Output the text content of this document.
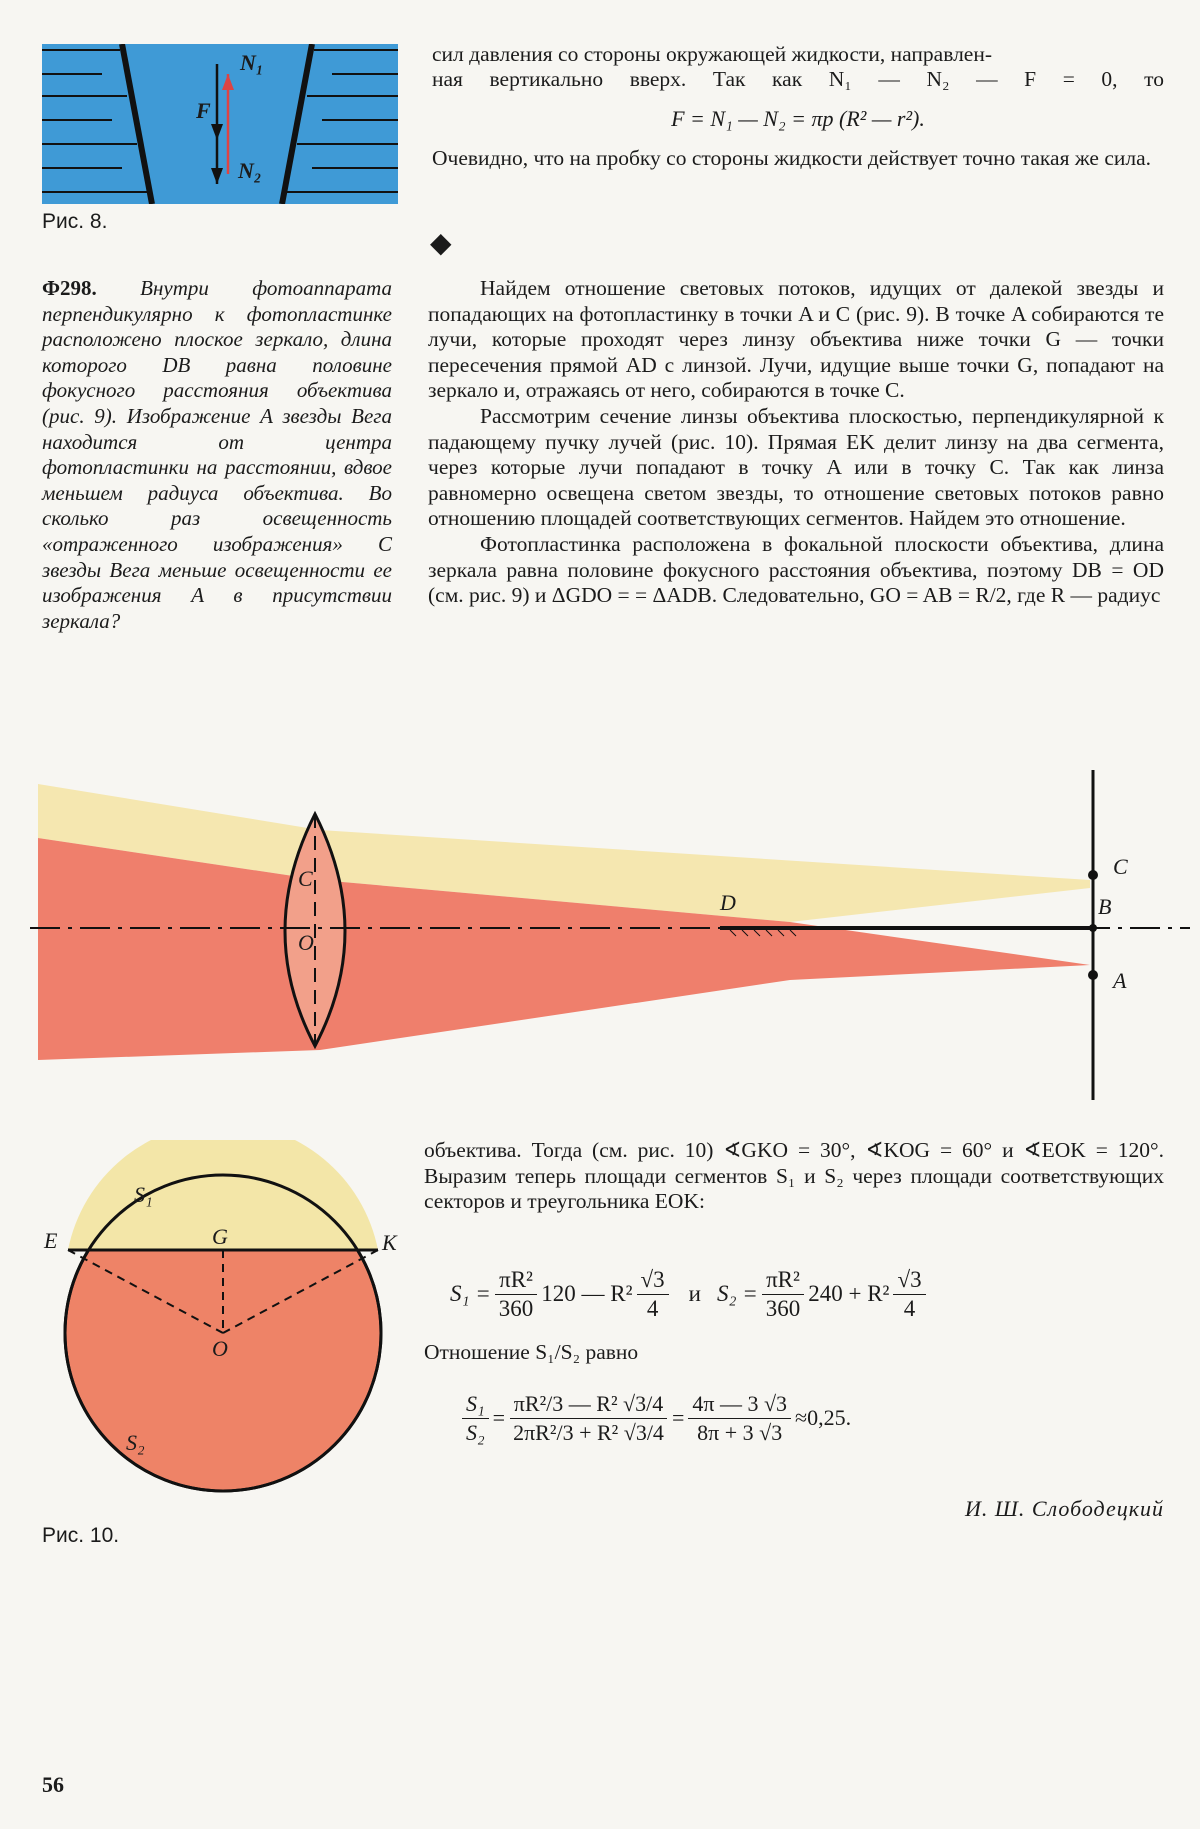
N₁
F
N₂
Рис. 8.

сил давления со стороны окружающей жидкости, направлен-

ная вертикально вверх. Так как N₁ — N₂ — F = 0, то

F = N₁ — N₂ = πp (R² — r²).

Очевидно, что на пробку со стороны жидкости действует точно такая же сила.

◆

Ф298. Внутри фотоаппарата перпендикулярно к фотопластинке расположено плоское зеркало, длина которого DB равна половине фокусного расстояния объектива (рис. 9). Изображение A звезды Вега находится от центра фотопластинки на расстоянии, вдвое меньшем радиуса объектива. Во сколько раз освещенность «отраженного изображения» C звезды Вега меньше освещенности ее изображения A в присутствии зеркала?

Найдем отношение световых потоков, идущих от далекой звезды и попадающих на фотопластинку в точки A и C (рис. 9). В точке A собираются те лучи, которые проходят через линзу объектива ниже точки G — точки пересечения прямой AD с линзой. Лучи, идущие выше точки G, попадают на зеркало и, отражаясь от него, собираются в точке C.

Рассмотрим сечение линзы объектива плоскостью, перпендикулярной к падающему пучку лучей (рис. 10). Прямая EK делит линзу на два сегмента, через которые лучи попадают в точку A или в точку C. Так как линза равномерно освещена светом звезды, то отношение световых потоков равно отношению площадей соответствующих сегментов. Найдем это отношение.

Фотопластинка расположена в фокальной плоскости объектива, длина зеркала равна половине фокусного расстояния объектива, поэтому DB = OD (см. рис. 9) и ΔGDO = = ΔADB. Следовательно, GO = AB = R/2, где R — радиус

C
O
D
C
B
A
S₁
E	G	K
O
S₂
Рис. 10.

объектива. Тогда (см. рис. 10) ∢GKO = 30°, ∢KOG = 60° и ∢EOK = 120°. Выразим теперь площади сегментов S₁ и S₂ через площади соответствующих секторов и треугольника EOK:

$S_1 = \frac{\text{πR²}}{360} 120$ — $R^2 \frac{√3}{4}$ и $S_2 = \frac{\text{πR²}}{360} 240 + R^2 \frac{√3}{4}$

Отношение S₁/S₂ равно

$\frac{\text{S₁}}{\text{S₂}} = \frac{\text{πR²/3 — R² √3/4}}{\text{2πR²/3 + R² √3/4}} = \frac{4\pi — 3 √3}{8\pi + 3 √3} \approx 0,25$.
И. Ш. Слободецкий
56
